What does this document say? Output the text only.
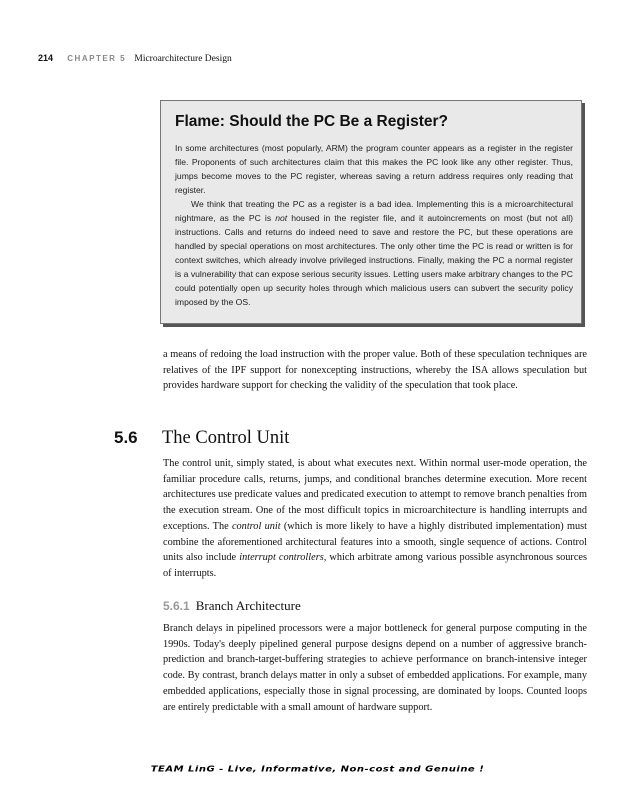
214 CHAPTER 5 Microarchitecture Design
Flame: Should the PC Be a Register?

In some architectures (most popularly, ARM) the program counter appears as a register in the register file. Proponents of such architectures claim that this makes the PC look like any other register. Thus, jumps become moves to the PC register, whereas saving a return address requires only reading that register.

We think that treating the PC as a register is a bad idea. Implementing this is a microarchitectural nightmare, as the PC is not housed in the register file, and it autoincrements on most (but not all) instructions. Calls and returns do indeed need to save and restore the PC, but these operations are handled by special operations on most architectures. The only other time the PC is read or written is for context switches, which already involve privileged instructions. Finally, making the PC a normal register is a vulnerability that can expose serious security issues. Letting users make arbitrary changes to the PC could potentially open up security holes through which malicious users can subvert the security policy imposed by the OS.

a means of redoing the load instruction with the proper value. Both of these speculation techniques are relatives of the IPF support for nonexcepting instructions, whereby the ISA allows speculation but provides hardware support for checking the validity of the speculation that took place.

5.6 The Control Unit

The control unit, simply stated, is about what executes next. Within normal user-mode operation, the familiar procedure calls, returns, jumps, and conditional branches determine execution. More recent architectures use predicate values and predicated execution to attempt to remove branch penalties from the execution stream. One of the most difficult topics in microarchitecture is handling interrupts and exceptions. The control unit (which is more likely to have a highly distributed implementation) must combine the aforementioned architectural features into a smooth, single sequence of actions. Control units also include interrupt controllers, which arbitrate among various possible asynchronous sources of interrupts.

5.6.1 Branch Architecture

Branch delays in pipelined processors were a major bottleneck for general purpose computing in the 1990s. Today's deeply pipelined general purpose designs depend on a number of aggressive branch-prediction and branch-target-buffering strategies to achieve performance on branch-intensive integer code. By contrast, branch delays matter in only a subset of embedded applications. For example, many embedded applications, especially those in signal processing, are dominated by loops. Counted loops are entirely predictable with a small amount of hardware support.

TEAM LinG - Live, Informative, Non-cost and Genuine !
